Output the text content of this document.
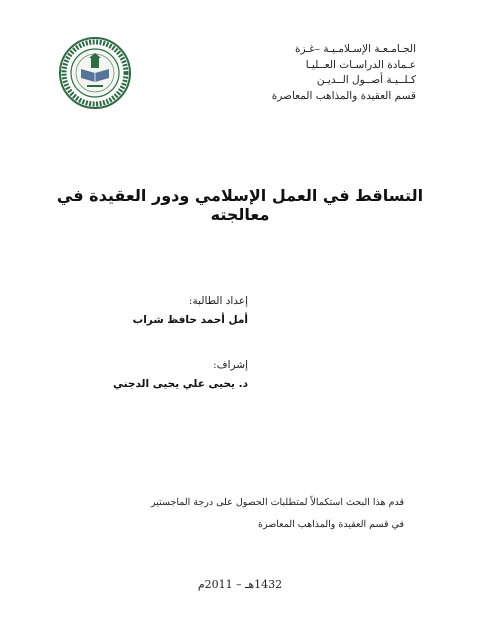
الجـامـعـة الإسـلامـيـة –غـزة
عـمادة الدراسـات العــليـا
كـلــيـة أصــول الــديـن
قسم العقيدة والمذاهب المعاصرة
التساقط في العمل الإسلامي ودور العقيدة في معالجته
إعداد الطالبة:
أمل أحمد حافظ شراب
إشراف:
د. يحيى علي يحيى الدجني
قدم هذا البحث استكمالاً لمتطلبات الحصول على درجة الماجستير
في قسم العقيدة والمذاهب المعاصرة
1432هـ – 2011م
